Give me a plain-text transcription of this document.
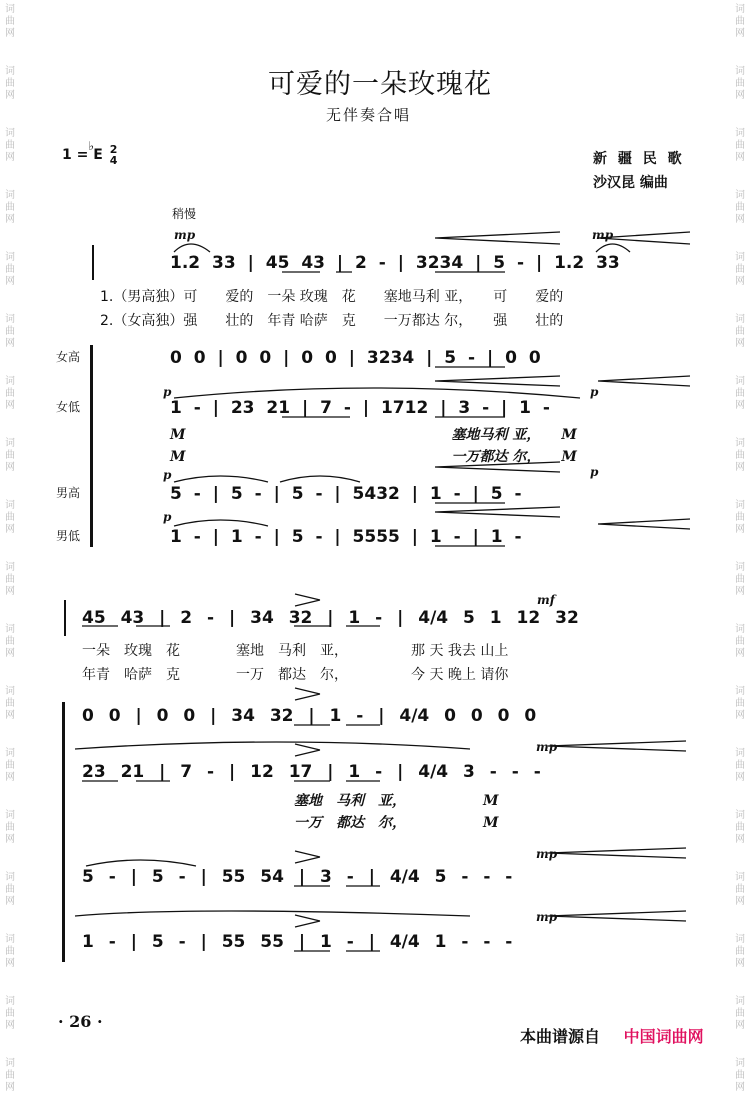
词
曲
网
词
曲
网
词
曲
网
词
曲
网
词
曲
网
词
曲
网
词
曲
网
词
曲
网
词
曲
网
词
曲
网
词
曲
网
词
曲
网
词
曲
网
词
曲
网
词
曲
网
词
曲
网
词
曲
网
词
曲
网
词
曲
网
词
曲
网
词
曲
网
词
曲
网
词
曲
网
词
曲
网
词
曲
网
词
曲
网
词
曲
网
词
曲
网
词
曲
网
词
曲
网
词
曲
网
词
曲
网
词
曲
网
词
曲
网
词
曲
网
词
曲
网
可爱的一朵玫瑰花
无伴奏合唱
1 =
♭
E 2
4	新 疆 民 歌
沙汉昆 编曲
稍慢
女高
女低
男高
男低
mp	mp
p	p
p	p
p
1.2 33 | 45 43 | 2 - | 3234 | 5 - | 1.2 33
1.（男高独）可　　爱的　一朵 玫瑰　花　　塞地马利 亚，　　可　　爱的
2.（女高独）强　　壮的　年青 哈萨　克　　一万都达 尔，　　强　　壮的
0 0 | 0 0 | 0 0 | 3234 | 5 - | 0 0
1 - | 23 21 | 7 - | 1712 | 3 - | 1 -
M　　　　　　　　　　　　　　　　　　　塞地马利 亚，　　M
M　　　　　　　　　　　　　　　　　　　一万都达 尔，　　M
5 - | 5 - | 5 - | 5432 | 1 - | 5 -
1 - | 1 - | 5 - | 5555 | 1 - | 1 -
mf
mp
mp
mp
45 43 | 2 - | 34 32 | 1 - | 4/4 5 1 12 32
一朵　玫瑰　花　　　　塞地　马利　亚，　　　　　那 天 我去 山上
年青　哈萨　克　　　　一万　都达　尔，　　　　　今 天 晚上 请你
0 0 | 0 0 | 34 32 | 1 - | 4/4 0 0 0 0
23 21 | 7 - | 12 17 | 1 - | 4/4 3 - - -
塞地　马利　亚，　　　　　　M
一万　都达　尔，　　　　　　M
5 - | 5 - | 55 54 | 3 - | 4/4 5 - - -
1 - | 5 - | 55 55 | 1 - | 4/4 1 - - -
· 26 ·
本曲谱源自 中国词曲网
